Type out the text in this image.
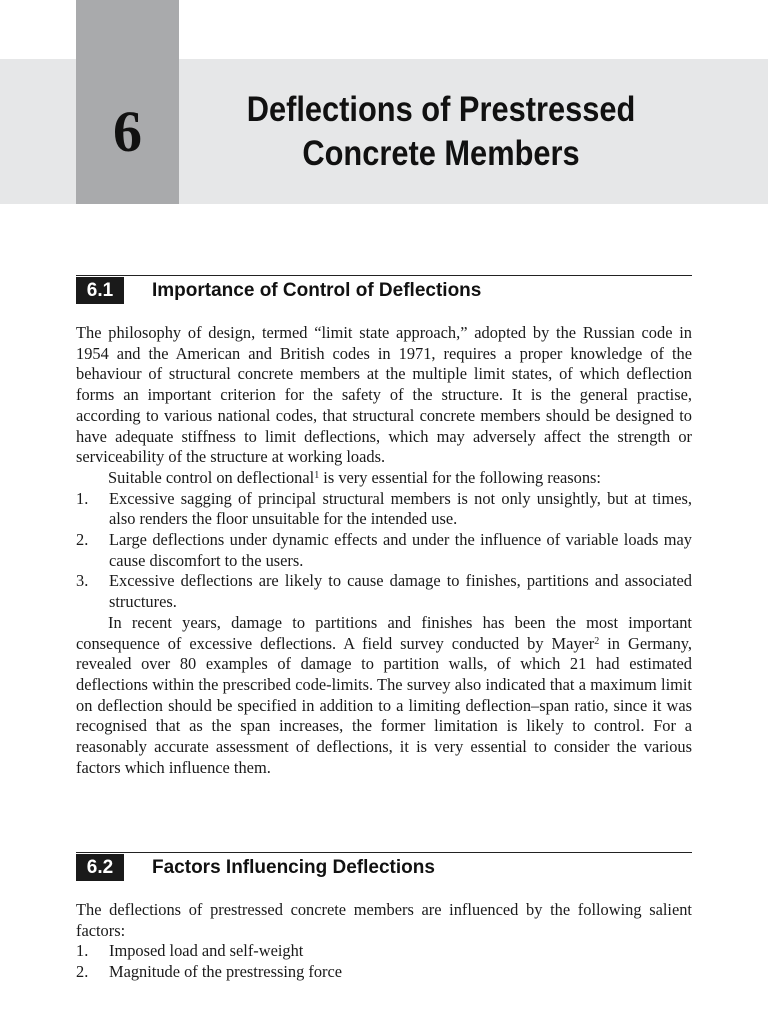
6	Deflections of Prestressed
Concrete Members
6.1	Importance of Control of Deflections

The philosophy of design, termed “limit state approach,” adopted by the Russian code in 1954 and the American and British codes in 1971, requires a proper knowledge of the behaviour of structural concrete members at the multiple limit states, of which deflection forms an important criterion for the safety of the structure. It is the general practise, according to various national codes, that structural concrete members should be designed to have adequate stiffness to limit deflections, which may adversely affect the strength or serviceability of the structure at working loads.

Suitable control on deflectional$^1$ is very essential for the following reasons:

1. Excessive sagging of principal structural members is not only unsightly, but at times, also renders the floor unsuitable for the intended use.
2. Large deflections under dynamic effects and under the influence of variable loads may cause discomfort to the users.
3. Excessive deflections are likely to cause damage to finishes, partitions and associated structures.

In recent years, damage to partitions and finishes has been the most important consequence of excessive deflections. A field survey conducted by Mayer$^2$ in Germany, revealed over 80 examples of damage to partition walls, of which 21 had estimated deflections within the prescribed code-limits. The survey also indicated that a maximum limit on deflection should be specified in addition to a limiting deflection–span ratio, since it was recognised that as the span increases, the former limitation is likely to control. For a reasonably accurate assessment of deflections, it is very essential to consider the various factors which influence them.

6.2	Factors Influencing Deflections

The deflections of prestressed concrete members are influenced by the following salient factors:

1. Imposed load and self-weight
2. Magnitude of the prestressing force
